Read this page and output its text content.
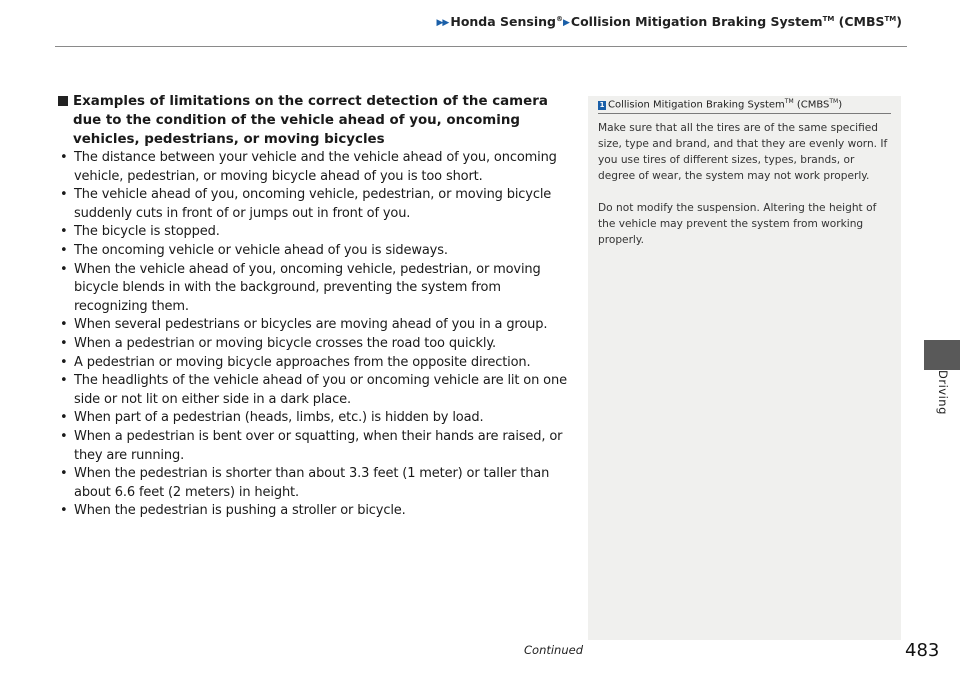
▶▶ Honda Sensing®▶ Collision Mitigation Braking System™ (CMBS™)
Examples of limitations on the correct detection of the camera due to the condition of the vehicle ahead of you, oncoming vehicles, pedestrians, or moving bicycles
• The distance between your vehicle and the vehicle ahead of you, oncoming vehicle, pedestrian, or moving bicycle ahead of you is too short.
• The vehicle ahead of you, oncoming vehicle, pedestrian, or moving bicycle suddenly cuts in front of or jumps out in front of you.
• The bicycle is stopped.
• The oncoming vehicle or vehicle ahead of you is sideways.
• When the vehicle ahead of you, oncoming vehicle, pedestrian, or moving bicycle blends in with the background, preventing the system from recognizing them.
• When several pedestrians or bicycles are moving ahead of you in a group.
• When a pedestrian or moving bicycle crosses the road too quickly.
• A pedestrian or moving bicycle approaches from the opposite direction.
• The headlights of the vehicle ahead of you or oncoming vehicle are lit on one side or not lit on either side in a dark place.
• When part of a pedestrian (heads, limbs, etc.) is hidden by load.
• When a pedestrian is bent over or squatting, when their hands are raised, or they are running.
• When the pedestrian is shorter than about 3.3 feet (1 meter) or taller than about 6.6 feet (2 meters) in height.
• When the pedestrian is pushing a stroller or bicycle.
1 Collision Mitigation Braking System™ (CMBS™)

Make sure that all the tires are of the same specified size, type and brand, and that they are evenly worn. If you use tires of different sizes, types, brands, or degree of wear, the system may not work properly.

Do not modify the suspension. Altering the height of the vehicle may prevent the system from working properly.

Driving
Continued	483
